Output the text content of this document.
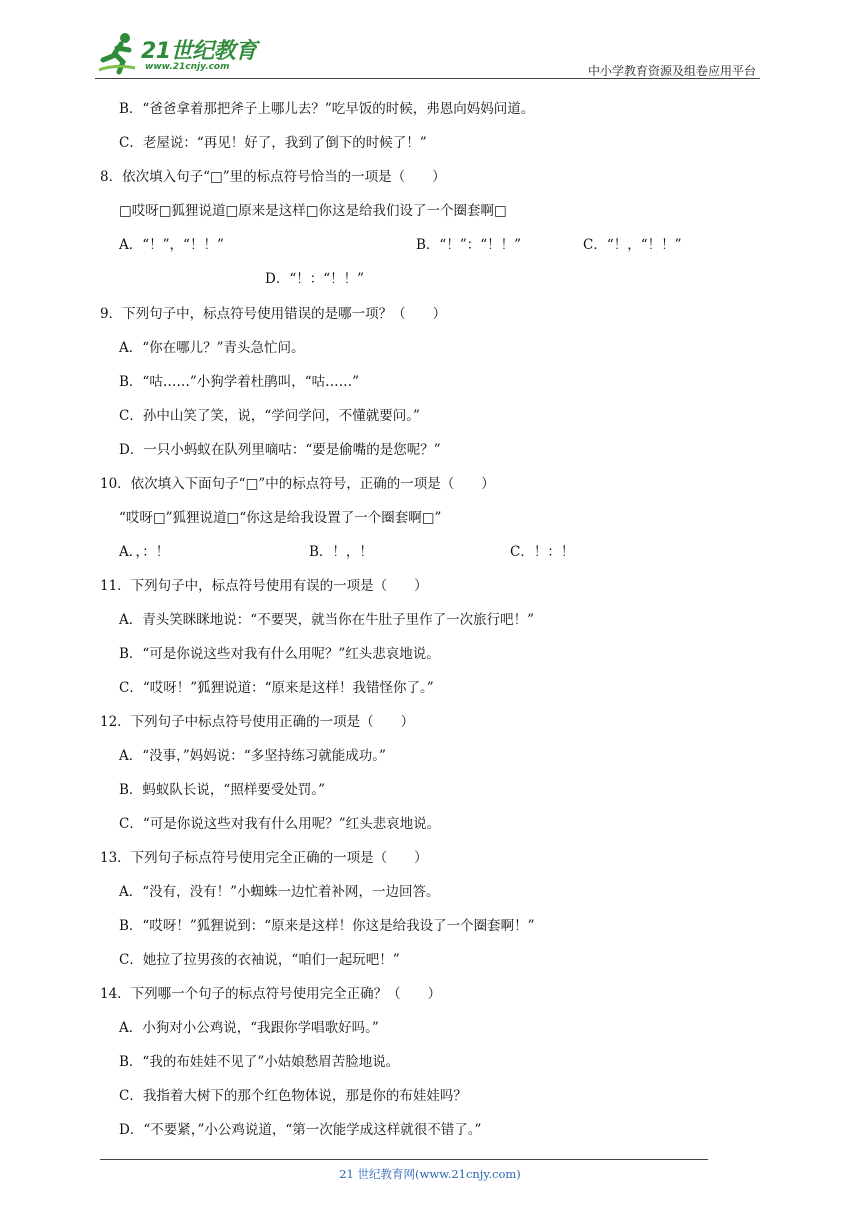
21世纪教育
www.21cnjy.com	中小学教育资源及组卷应用平台
B．“爸爸拿着那把斧子上哪儿去？”吃早饭的时候，弗恩向妈妈问道。
C．老屋说：“再见！好了，我到了倒下的时候了！”
8．依次填入句子“□”里的标点符号恰当的一项是（　　）
□哎呀□狐狸说道□原来是这样□你这是给我们设了一个圈套啊□
A．“！”，“！！”	B．“！”：“！！”	C．“！，“！！”
D．“！：“！！”
9．下列句子中，标点符号使用错误的是哪一项？（　　）
A．“你在哪儿？”青头急忙问。
B．“咕……”小狗学着杜鹃叫，“咕……”
C．孙中山笑了笑，说，“学问学问，不懂就要问。”
D．一只小蚂蚁在队列里嘀咕：“要是偷嘴的是您呢？”
10．依次填入下面句子“□”中的标点符号，正确的一项是（　　）
“哎呀□”狐狸说道□“你这是给我设置了一个圈套啊□”
A．，：！	B．！，！	C．！：！
11．下列句子中，标点符号使用有误的一项是（　　）
A．青头笑眯眯地说：“不要哭，就当你在牛肚子里作了一次旅行吧！”
B．“可是你说这些对我有什么用呢？”红头悲哀地说。
C．“哎呀！”狐狸说道：“原来是这样！我错怪你了。”
12．下列句子中标点符号使用正确的一项是（　　）
A．“没事，”妈妈说：“多坚持练习就能成功。”
B．蚂蚁队长说，“照样要受处罚。”
C．“可是你说这些对我有什么用呢？”红头悲哀地说。
13．下列句子标点符号使用完全正确的一项是（　　）
A．“没有，没有！”小蜘蛛一边忙着补网，一边回答。
B．“哎呀！”狐狸说到：“原来是这样！你这是给我设了一个圈套啊！”
C．她拉了拉男孩的衣袖说，“咱们一起玩吧！”
14．下列哪一个句子的标点符号使用完全正确？（　　）
A．小狗对小公鸡说，“我跟你学唱歌好吗。”
B．“我的布娃娃不见了”小姑娘愁眉苦脸地说。
C．我指着大树下的那个红色物体说，那是你的布娃娃吗？
D．“不要紧，”小公鸡说道，“第一次能学成这样就很不错了。”
21 世纪教育网(www.21cnjy.com)
